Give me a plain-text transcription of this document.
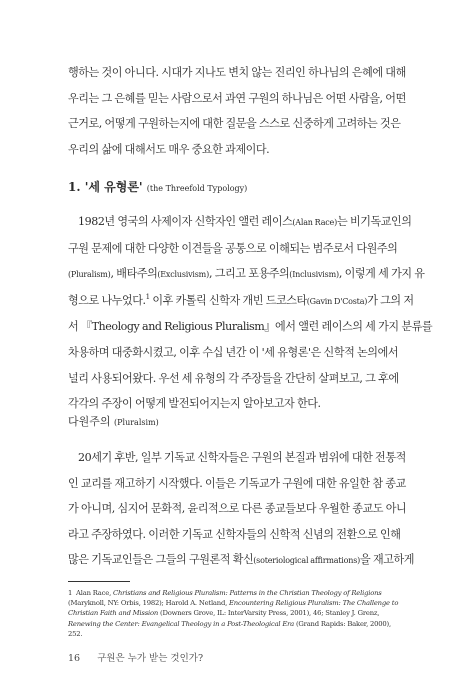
행하는 것이 아니다. 시대가 지나도 변치 않는 진리인 하나님의 은혜에 대해
우리는 그 은혜를 믿는 사람으로서 과연 구원의 하나님은 어떤 사람을, 어떤
근거로, 어떻게 구원하는지에 대한 질문을 스스로 신중하게 고려하는 것은
우리의 삶에 대해서도 매우 중요한 과제이다.
1. '세 유형론' (the Threefold Typology)
1982년 영국의 사제이자 신학자인 앨런 레이스(Alan Race)는 비기독교인의
구원 문제에 대한 다양한 이견들을 공통으로 이해되는 범주로서 다원주의
(Pluralism), 배타주의(Exclusivism), 그리고 포용주의(Inclusivism), 이렇게 세 가지 유
형으로 나누었다.$^1$ 이후 카톨릭 신학자 개빈 드코스타(Gavin D'Costa)가 그의 저
서 『Theology and Religious Pluralism』에서 앨런 레이스의 세 가지 분류를
차용하며 대중화시켰고, 이후 수십 년간 이 '세 유형론'은 신학적 논의에서
널리 사용되어왔다. 우선 세 유형의 각 주장들을 간단히 살펴보고, 그 후에
각각의 주장이 어떻게 발전되어지는지 알아보고자 한다.
다원주의 (Pluralsim)
20세기 후반, 일부 기독교 신학자들은 구원의 본질과 범위에 대한 전통적
인 교리를 재고하기 시작했다. 이들은 기독교가 구원에 대한 유일한 참 종교
가 아니며, 심지어 문화적, 윤리적으로 다른 종교들보다 우월한 종교도 아니
라고 주장하였다. 이러한 기독교 신학자들의 신학적 신념의 전환으로 인해
많은 기독교인들은 그들의 구원론적 확신(soteriological affirmations)을 재고하게

1 Alan Race, Christians and Religious Pluralism: Patterns in the Christian Theology of Religions (Maryknoll, NY: Orbis, 1982); Harold A. Netland, Encountering Religious Pluralism: The Challenge to Christian Faith and Mission (Downers Grove, IL: InterVarsity Press, 2001), 46; Stanley J. Grenz, Renewing the Center: Evangelical Theology in a Post-Theological Era (Grand Rapids: Baker, 2000), 252.

16 구원은 누가 받는 것인가?
